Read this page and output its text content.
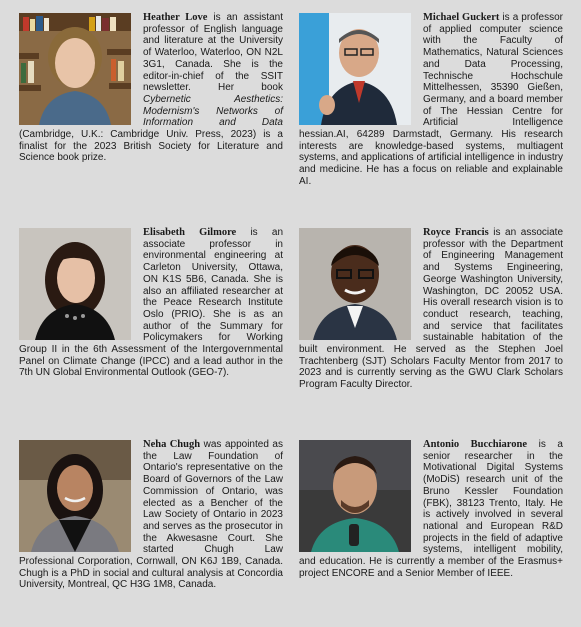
Heather Love is an assistant professor of English language and literature at the University of Waterloo, Waterloo, ON N2L 3G1, Canada. She is the editor-in-chief of the SSIT newsletter. Her book Cybernetic Aesthetics: Modernism's Networks of Information and Data (Cambridge, U.K.: Cambridge Univ. Press, 2023) is a finalist for the 2023 British Society for Literature and Science book prize.
Michael Guckert is a professor of applied computer science with the Faculty of Mathematics, Natural Sciences and Data Processing, Technische Hochschule Mittelhessen, 35390 Gießen, Germany, and a board member of The Hessian Centre for Artificial Intelligence hessian.AI, 64289 Darmstadt, Germany. His research interests are knowledge-based systems, multiagent systems, and applications of artificial intelligence in industry and medicine. He has a focus on reliable and explainable AI.
Elisabeth Gilmore is an associate professor in environmental engineering at Carleton University, Ottawa, ON K1S 5B6, Canada. She is also an affiliated researcher at the Peace Research Institute Oslo (PRIO). She is as an author of the Summary for Policymakers for Working Group II in the 6th Assessment of the Intergovernmental Panel on Climate Change (IPCC) and a lead author in the 7th UN Global Environmental Outlook (GEO-7).
Royce Francis is an associate professor with the Department of Engineering Management and Systems Engineering, George Washington University, Washington, DC 20052 USA. His overall research vision is to conduct research, teaching, and service that facilitates sustainable habitation of the built environment. He served as the Stephen Joel Trachtenberg (SJT) Scholars Faculty Mentor from 2017 to 2023 and is currently serving as the GWU Clark Scholars Program Faculty Director.
Neha Chugh was appointed as the Law Foundation of Ontario's representative on the Board of Governors of the Law Commission of Ontario, was elected as a Bencher of the Law Society of Ontario in 2023 and serves as the prosecutor in the Akwesasne Court. She started Chugh Law Professional Corporation, Cornwall, ON K6J 1B9, Canada. Chugh is a PhD in social and cultural analysis at Concordia University, Montreal, QC H3G 1M8, Canada.
Antonio Bucchiarone is a senior researcher in the Motivational Digital Systems (MoDiS) research unit of the Bruno Kessler Foundation (FBK), 38123 Trento, Italy. He is actively involved in several national and European R&D projects in the field of adaptive systems, intelligent mobility, and education. He is currently a member of the Erasmus+ project ENCORE and a Senior Member of IEEE.
